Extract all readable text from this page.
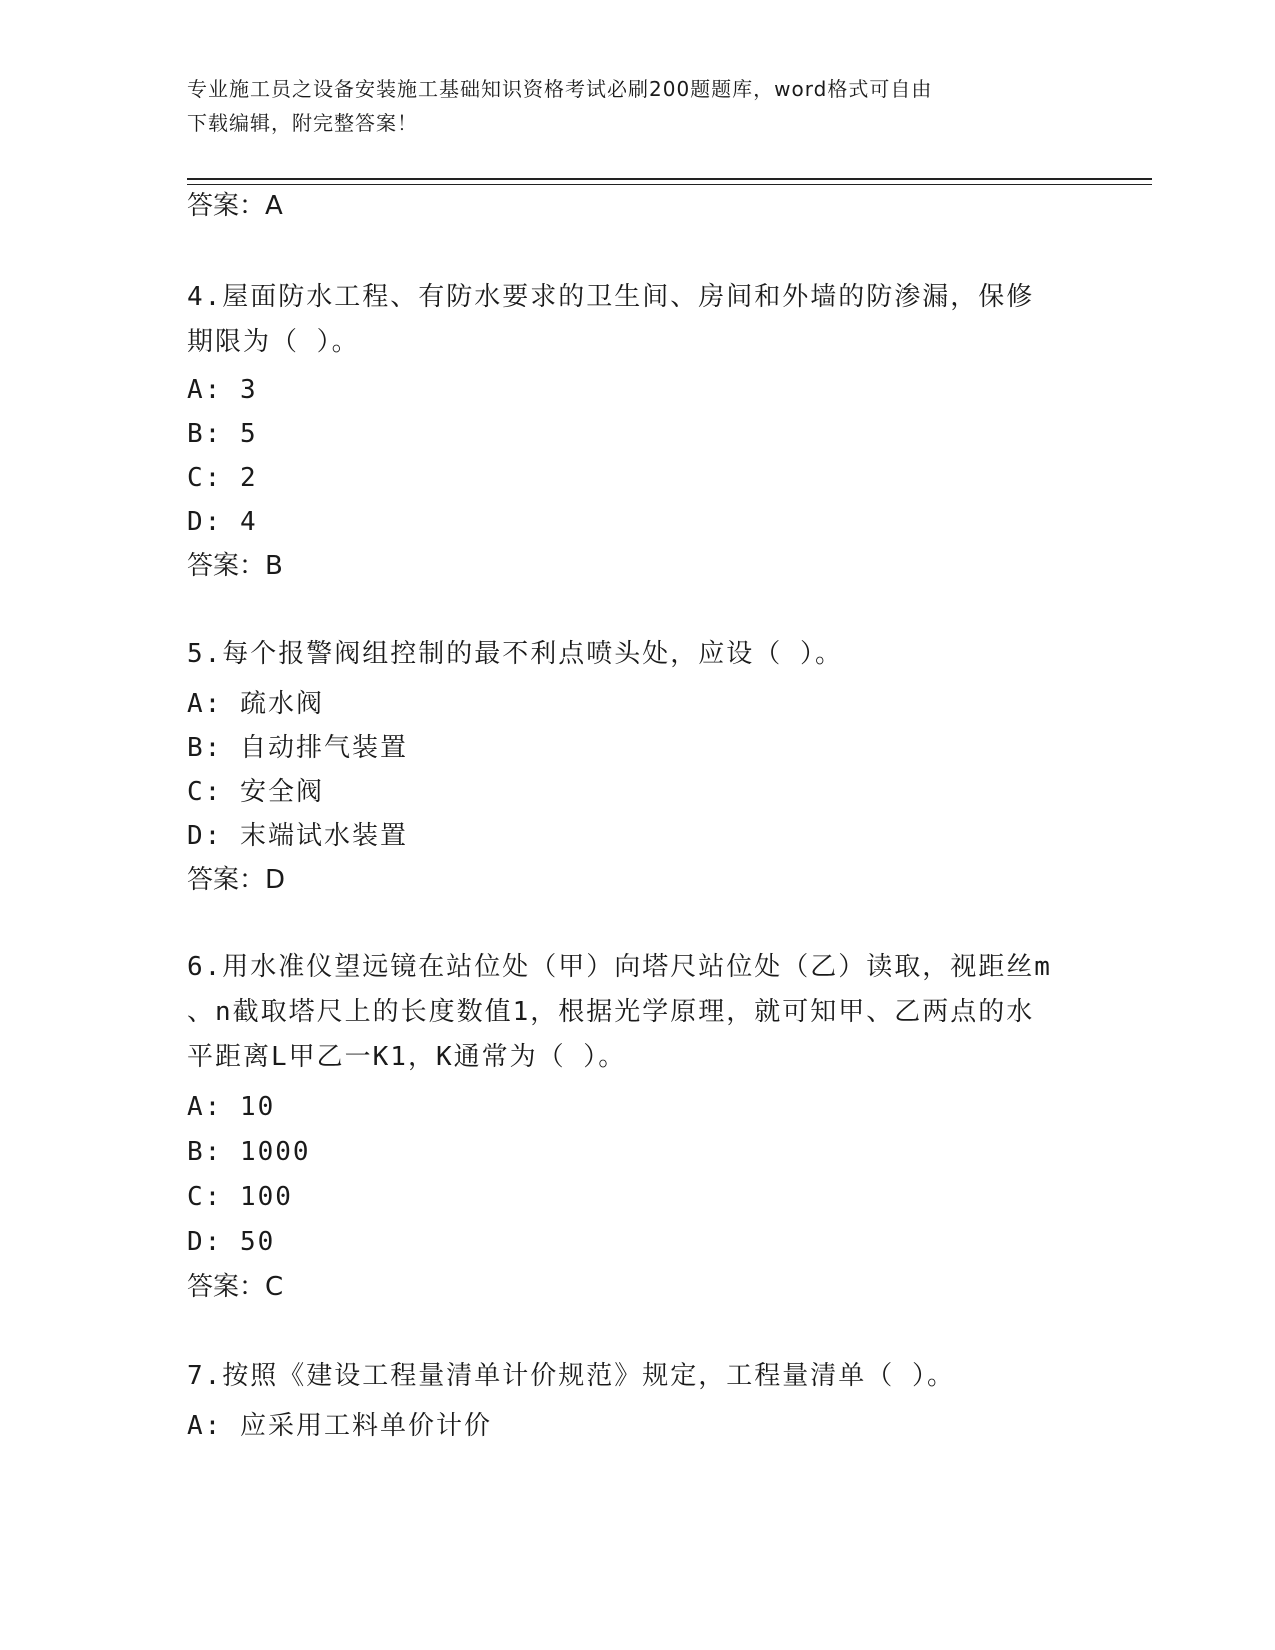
专业施工员之设备安装施工基础知识资格考试必刷200题题库，word格式可自由
下载编辑，附完整答案！
答案：A
4.屋面防水工程、有防水要求的卫生间、房间和外墙的防渗漏，保修
期限为（ ）。
A: 3
B: 5
C: 2
D: 4
答案：B
5.每个报警阀组控制的最不利点喷头处，应设（ ）。
A: 疏水阀
B: 自动排气装置
C: 安全阀
D: 末端试水装置
答案：D
6.用水准仪望远镜在站位处（甲）向塔尺站位处（乙）读取，视距丝m
、n截取塔尺上的长度数值1，根据光学原理，就可知甲、乙两点的水
平距离L甲乙一K1，K通常为（ ）。
A: 10
B: 1000
C: 100
D: 50
答案：C
7.按照《建设工程量清单计价规范》规定，工程量清单（ ）。
A: 应采用工料单价计价
